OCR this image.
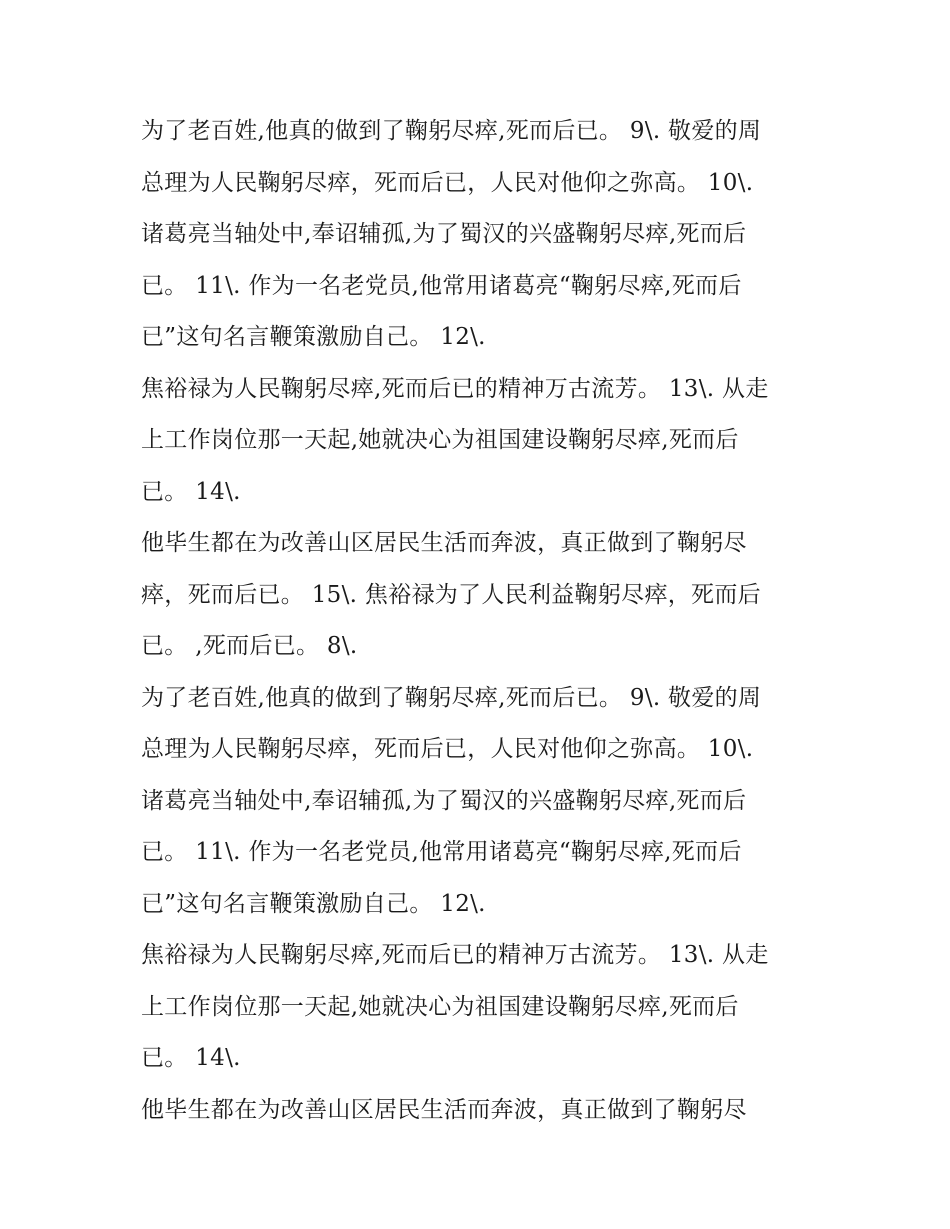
为了老百姓,他真的做到了鞠躬尽瘁,死而后已。 9\. 敬爱的周
总理为人民鞠躬尽瘁，死而后已，人民对他仰之弥高。 10\.
诸葛亮当轴处中,奉诏辅孤,为了蜀汉的兴盛鞠躬尽瘁,死而后
已。 11\. 作为一名老党员,他常用诸葛亮“鞠躬尽瘁,死而后
已”这句名言鞭策激励自己。 12\.
焦裕禄为人民鞠躬尽瘁,死而后已的精神万古流芳。 13\. 从走
上工作岗位那一天起,她就决心为祖国建设鞠躬尽瘁,死而后
已。 14\.
他毕生都在为改善山区居民生活而奔波，真正做到了鞠躬尽
瘁，死而后已。 15\. 焦裕禄为了人民利益鞠躬尽瘁，死而后
已。 ,死而后已。 8\.
为了老百姓,他真的做到了鞠躬尽瘁,死而后已。 9\. 敬爱的周
总理为人民鞠躬尽瘁，死而后已，人民对他仰之弥高。 10\.
诸葛亮当轴处中,奉诏辅孤,为了蜀汉的兴盛鞠躬尽瘁,死而后
已。 11\. 作为一名老党员,他常用诸葛亮“鞠躬尽瘁,死而后
已”这句名言鞭策激励自己。 12\.
焦裕禄为人民鞠躬尽瘁,死而后已的精神万古流芳。 13\. 从走
上工作岗位那一天起,她就决心为祖国建设鞠躬尽瘁,死而后
已。 14\.
他毕生都在为改善山区居民生活而奔波，真正做到了鞠躬尽
